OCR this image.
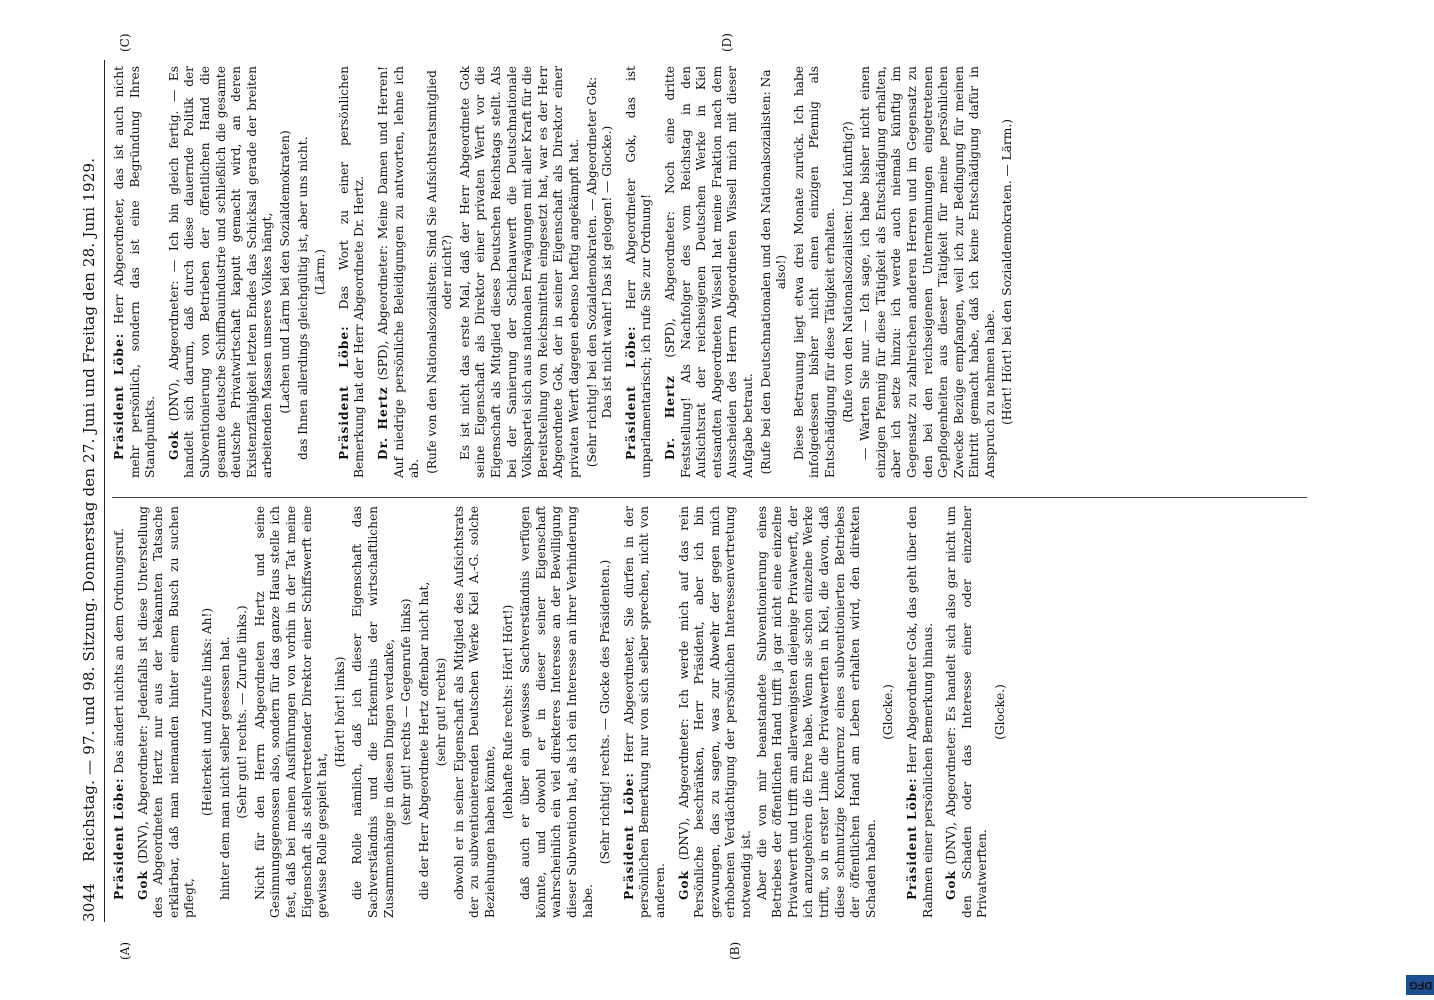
3044
Reichstag. — 97. und 98. Sitzung. Donnerstag den 27. Juni und Freitag den 28. Juni 1929.
(A)	(B)
(C)	(D)

Präsident Löbe: Das ändert nichts an dem Ordnungsruf.

Gok (DNV), Abgeordneter: Jedenfalls ist diese Unterstellung des Abgeordneten Hertz nur aus der bekannten Tatsache erklärbar, daß man niemanden hinter einem Busch zu suchen pflegt,

(Heiterkeit und Zurufe links: Ah!) hinter dem man nicht selber gesessen hat. (Sehr gut! rechts. — Zurufe links.) Nicht für den Herrn Abgeordneten Hertz und seine Gesinnungsgenossen also, sondern für das ganze Haus stelle ich fest, daß bei meinen Ausführungen von vorhin in der Tat meine Eigenschaft als stellvertretender Direktor einer Schiffswerft eine gewisse Rolle gespielt hat,

(Hört! hört! links) die Rolle nämlich, daß ich dieser Eigenschaft das Sachverständnis und die Erkenntnis der wirtschaftlichen Zusammenhänge in diesen Dingen verdanke, (sehr gut! rechts — Gegenrufe links) die der Herr Abgeordnete Hertz offenbar nicht hat, (sehr gut! rechts) obwohl er in seiner Eigenschaft als Mitglied des Aufsichtsrats der zu subventionierenden Deutschen Werke Kiel A.-G. solche Beziehungen haben könnte,

(lebhafte Rufe rechts: Hört! Hört!) daß auch er über ein gewisses Sachverständnis verfügen könnte, und obwohl er in dieser seiner Eigenschaft wahrscheinlich ein viel direkteres Interesse an der Bewilligung dieser Subvention hat, als ich ein Interesse an ihrer Verhinderung habe.

(Sehr richtig! rechts. — Glocke des Präsidenten.) Präsident Löbe: Herr Abgeordneter, Sie dürfen in der persönlichen Bemerkung nur von sich selber sprechen, nicht von anderen. Gok (DNV), Abgeordneter: Ich werde mich auf das rein Persönliche beschränken, Herr Präsident, aber ich bin gezwungen, das zu sagen, was zur Abwehr der gegen mich erhobenen Verdächtigung der persönlichen Interessenvertretung notwendig ist. Aber die von mir beanstandete Subventionierung eines Betriebes der öffentlichen Hand trifft ja gar nicht eine einzelne Privatwerft und trifft am allerwenigsten diejenige Privatwerft, der ich anzugehören die Ehre habe. Wenn sie schon einzelne Werke trifft, so in erster Linie die Privatwerften in Kiel, die davon, daß diese schmutzige Konkurrenz eines subventionierten Betriebes der öffentlichen Hand am Leben erhalten wird, den direkten Schaden haben.

(Glocke.)

Präsident Löbe: Herr Abgeordneter Gok, das geht über den Rahmen einer persönlichen Bemerkung hinaus. Gok (DNV), Abgeordneter: Es handelt sich also gar nicht um den Schaden oder das Interesse einer oder einzelner Privatwerften.

(Glocke.)

Präsident Löbe: Herr Abgeordneter, das ist auch nicht mehr persönlich, sondern das ist eine Begründung Ihres Standpunkts. Gok (DNV), Abgeordneter: — Ich bin gleich fertig. — Es handelt sich darum, daß durch diese dauernde Politik der Subventionierung von Betrieben der öffentlichen Hand die gesamte deutsche Schiffbauindustrie und schließlich die gesamte deutsche Privatwirtschaft kaputt gemacht wird, an deren Existenzfähigkeit letzten Endes das Schicksal gerade der breiten arbeitenden Massen unseres Volkes hängt, (Lachen und Lärm bei den Sozialdemokraten) das Ihnen allerdings gleichgültig ist, aber uns nicht. (Lärm.)

Präsident Löbe: Das Wort zu einer persönlichen Bemerkung hat der Herr Abgeordnete Dr. Hertz. Dr. Hertz (SPD), Abgeordneter: Meine Damen und Herren! Auf niedrige persönliche Beleidigungen zu antworten, lehne ich ab. (Rufe von den Nationalsozialisten: Sind Sie Aufsichtsratsmitglied oder nicht?) Es ist nicht das erste Mal, daß der Herr Abgeordnete Gok seine Eigenschaft als Direktor einer privaten Werft vor die Eigenschaft als Mitglied dieses Deutschen Reichstags stellt. Als bei der Sanierung der Schichauwerft die Deutschnationale Volkspartei sich aus nationalen Erwägungen mit aller Kraft für die Bereitstellung von Reichsmitteln eingesetzt hat, war es der Herr Abgeordnete Gok, der in seiner Eigenschaft als Direktor einer privaten Werft dagegen ebenso heftig angekämpft hat. (Sehr richtig! bei den Sozialdemokraten. — Abgeordneter Gok: Das ist nicht wahr! Das ist gelogen! — Glocke.) Präsident Löbe: Herr Abgeordneter Gok, das ist unparlamentarisch; ich rufe Sie zur Ordnung! Dr. Hertz (SPD), Abgeordneter: Noch eine dritte Feststellung! Als Nachfolger des vom Reichstag in den Aufsichtsrat der reichseigenen Deutschen Werke in Kiel entsandten Abgeordneten Wissell hat meine Fraktion nach dem Ausscheiden des Herrn Abgeordneten Wissell mich mit dieser Aufgabe betraut. (Rufe bei den Deutschnationalen und den Nationalsozialisten: Na also!) Diese Betrauung liegt etwa drei Monate zurück. Ich habe infolgedessen bisher nicht einen einzigen Pfennig als Entschädigung für diese Tätigkeit erhalten. (Rufe von den Nationalsozialisten: Und künftig?) — Warten Sie nur. — Ich sage, ich habe bisher nicht einen einzigen Pfennig für diese Tätigkeit als Entschädigung erhalten, aber ich setze hinzu: ich werde auch niemals künftig im Gegensatz zu zahlreichen anderen Herren und im Gegensatz zu den bei den reichseigenen Unternehmungen eingetretenen Gepflogenheiten aus dieser Tätigkeit für meine persönlichen Zwecke Bezüge empfangen, weil ich zur Bedingung für meinen Eintritt gemacht habe, daß ich keine Entschädigung dafür in Anspruch zu nehmen habe. (Hört! Hört! bei den Sozialdemokraten. — Lärm.)

DFG
